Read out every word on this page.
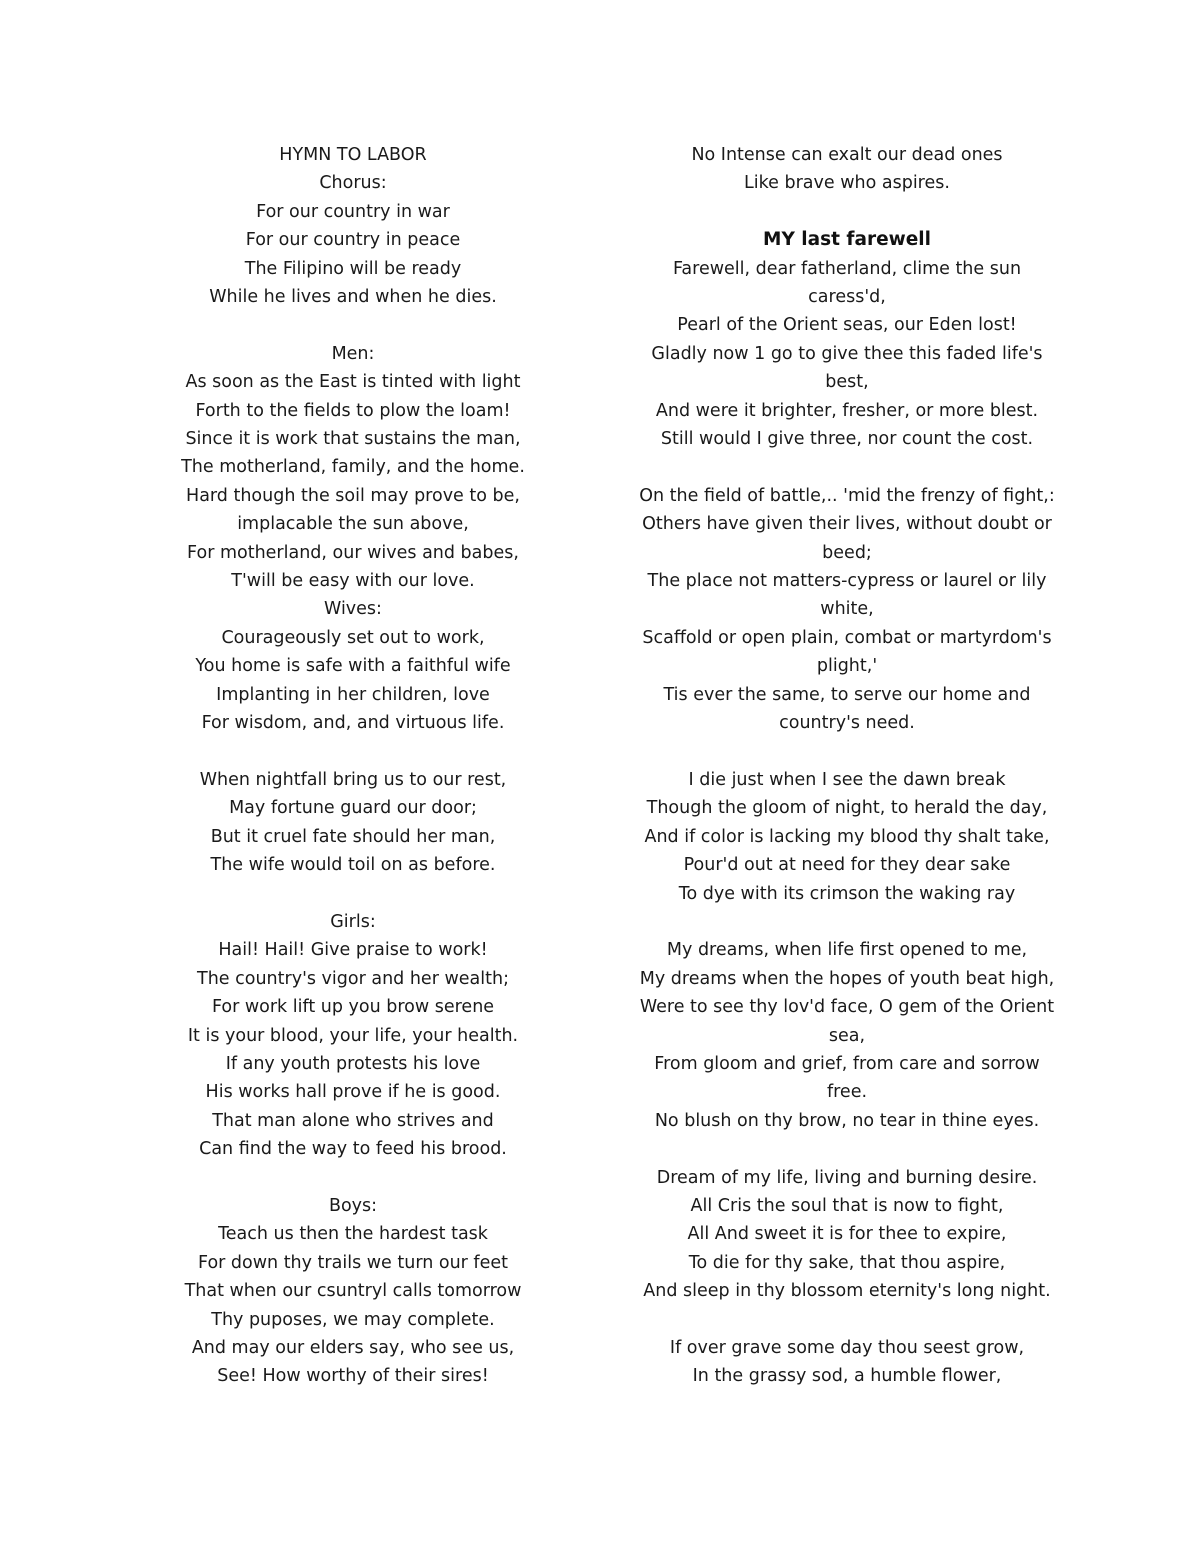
HYMN TO LABOR
Chorus:
For our country in war
For our country in peace
The Filipino will be ready
While he lives and when he dies.
Men:
As soon as the East is tinted with light
Forth to the fields to plow the loam!
Since it is work that sustains the man,
The motherland, family, and the home.
Hard though the soil may prove to be,
implacable the sun above,
For motherland, our wives and babes,
T'will be easy with our love.
Wives:
Courageously set out to work,
You home is safe with a faithful wife
Implanting in her children, love
For wisdom, and, and virtuous life.
When nightfall bring us to our rest,
May fortune guard our door;
But it cruel fate should her man,
The wife would toil on as before.
Girls:
Hail! Hail! Give praise to work!
The country's vigor and her wealth;
For work lift up you brow serene
It is your blood, your life, your health.
If any youth protests his love
His works hall prove if he is good.
That man alone who strives and
Can find the way to feed his brood.
Boys:
Teach us then the hardest task
For down thy trails we turn our feet
That when our csuntryl calls tomorrow
Thy puposes, we may complete.
And may our elders say, who see us,
See! How worthy of their sires!
No Intense can exalt our dead ones
Like brave who aspires.
MY last farewell
Farewell, dear fatherland, clime the sun
caress'd,
Pearl of the Orient seas, our Eden lost!
Gladly now 1 go to give thee this faded life's
best,
And were it brighter, fresher, or more blest.
Still would I give three, nor count the cost.
On the field of battle,.. 'mid the frenzy of fight,:
Others have given their lives, without doubt or
beed;
The place not matters-cypress or laurel or lily
white,
Scaffold or open plain, combat or martyrdom's
plight,'
Tis ever the same, to serve our home and
country's need.
I die just when I see the dawn break
Though the gloom of night, to herald the day,
And if color is lacking my blood thy shalt take,
Pour'd out at need for they dear sake
To dye with its crimson the waking ray
My dreams, when life first opened to me,
My dreams when the hopes of youth beat high,
Were to see thy lov'd face, O gem of the Orient
sea,
From gloom and grief, from care and sorrow
free.
No blush on thy brow, no tear in thine eyes.
Dream of my life, living and burning desire.
All Cris the soul that is now to fight,
All And sweet it is for thee to expire,
To die for thy sake, that thou aspire,
And sleep in thy blossom eternity's long night.
If over grave some day thou seest grow,
In the grassy sod, a humble flower,
